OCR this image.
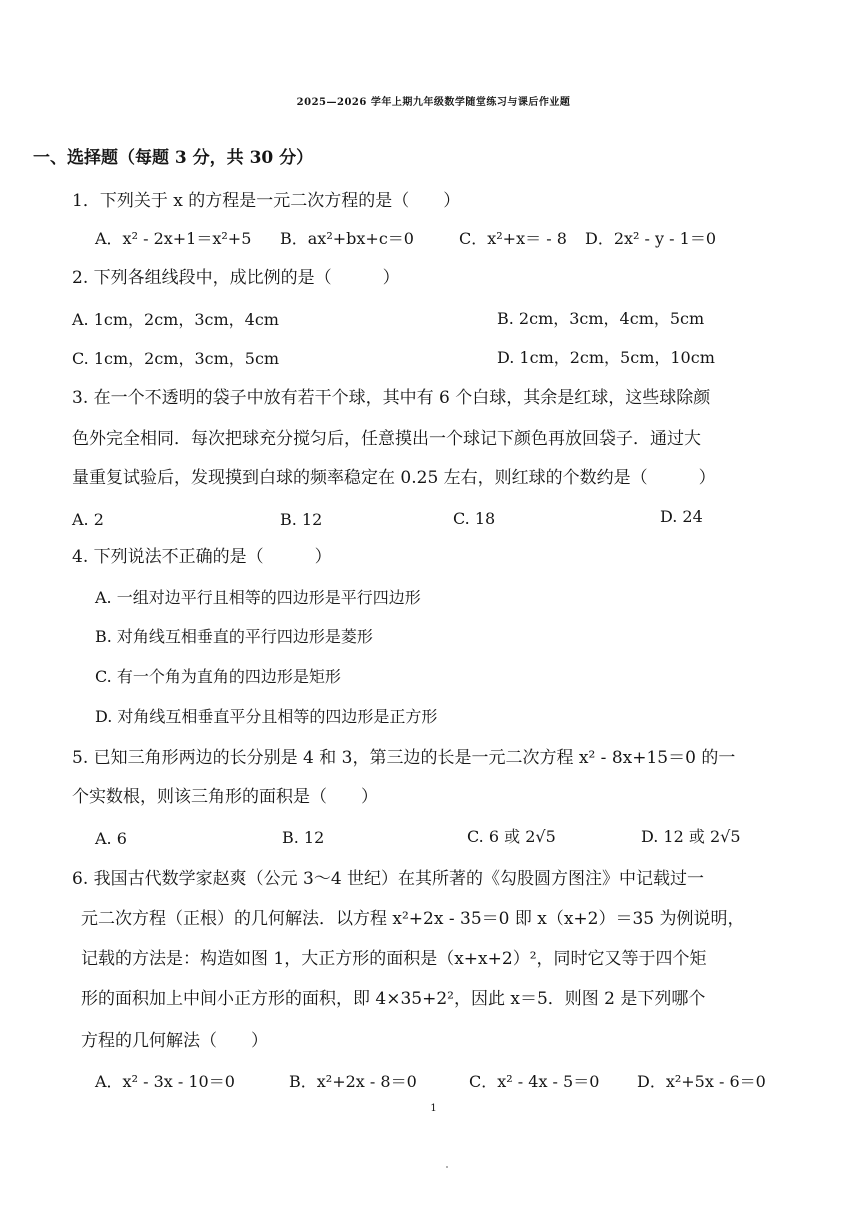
2025—2026 学年上期九年级数学随堂练习与课后作业题
一、选择题（每题 3 分，共 30 分）
1．下列关于 x 的方程是一元二次方程的是（　　）
A．x² - 2x+1＝x²+5 B．ax²+bx+c＝0	C．x²+x＝ - 8 D．2x² - y - 1＝0
2. 下列各组线段中，成比例的是（　　　）
A. 1cm，2cm，3cm，4cm	B. 2cm，3cm，4cm，5cm
C. 1cm，2cm，3cm，5cm	D. 1cm，2cm，5cm，10cm
3. 在一个不透明的袋子中放有若干个球，其中有 6 个白球，其余是红球，这些球除颜
色外完全相同．每次把球充分搅匀后，任意摸出一个球记下颜色再放回袋子．通过大
量重复试验后，发现摸到白球的频率稳定在 0.25 左右，则红球的个数约是（　　　）
A. 2	B. 12	C. 18	D. 24
4. 下列说法不正确的是（　　　）
A. 一组对边平行且相等的四边形是平行四边形
B. 对角线互相垂直的平行四边形是菱形
C. 有一个角为直角的四边形是矩形
D. 对角线互相垂直平分且相等的四边形是正方形
5. 已知三角形两边的长分别是 4 和 3，第三边的长是一元二次方程 x² - 8x+15＝0 的一
个实数根，则该三角形的面积是（　　）
A. 6	B. 12	C. 6 或 2√5	D. 12 或 2√5
6. 我国古代数学家赵爽（公元 3～4 世纪）在其所著的《勾股圆方图注》中记载过一
元二次方程（正根）的几何解法．以方程 x²+2x - 35＝0 即 x（x+2）＝35 为例说明，
记载的方法是：构造如图 1，大正方形的面积是（x+x+2）²，同时它又等于四个矩
形的面积加上中间小正方形的面积，即 4×35+2²，因此 x＝5．则图 2 是下列哪个
方程的几何解法（　　）
A．x² - 3x - 10＝0	B．x²+2x - 8＝0	C．x² - 4x - 5＝0 D．x²+5x - 6＝0
1
